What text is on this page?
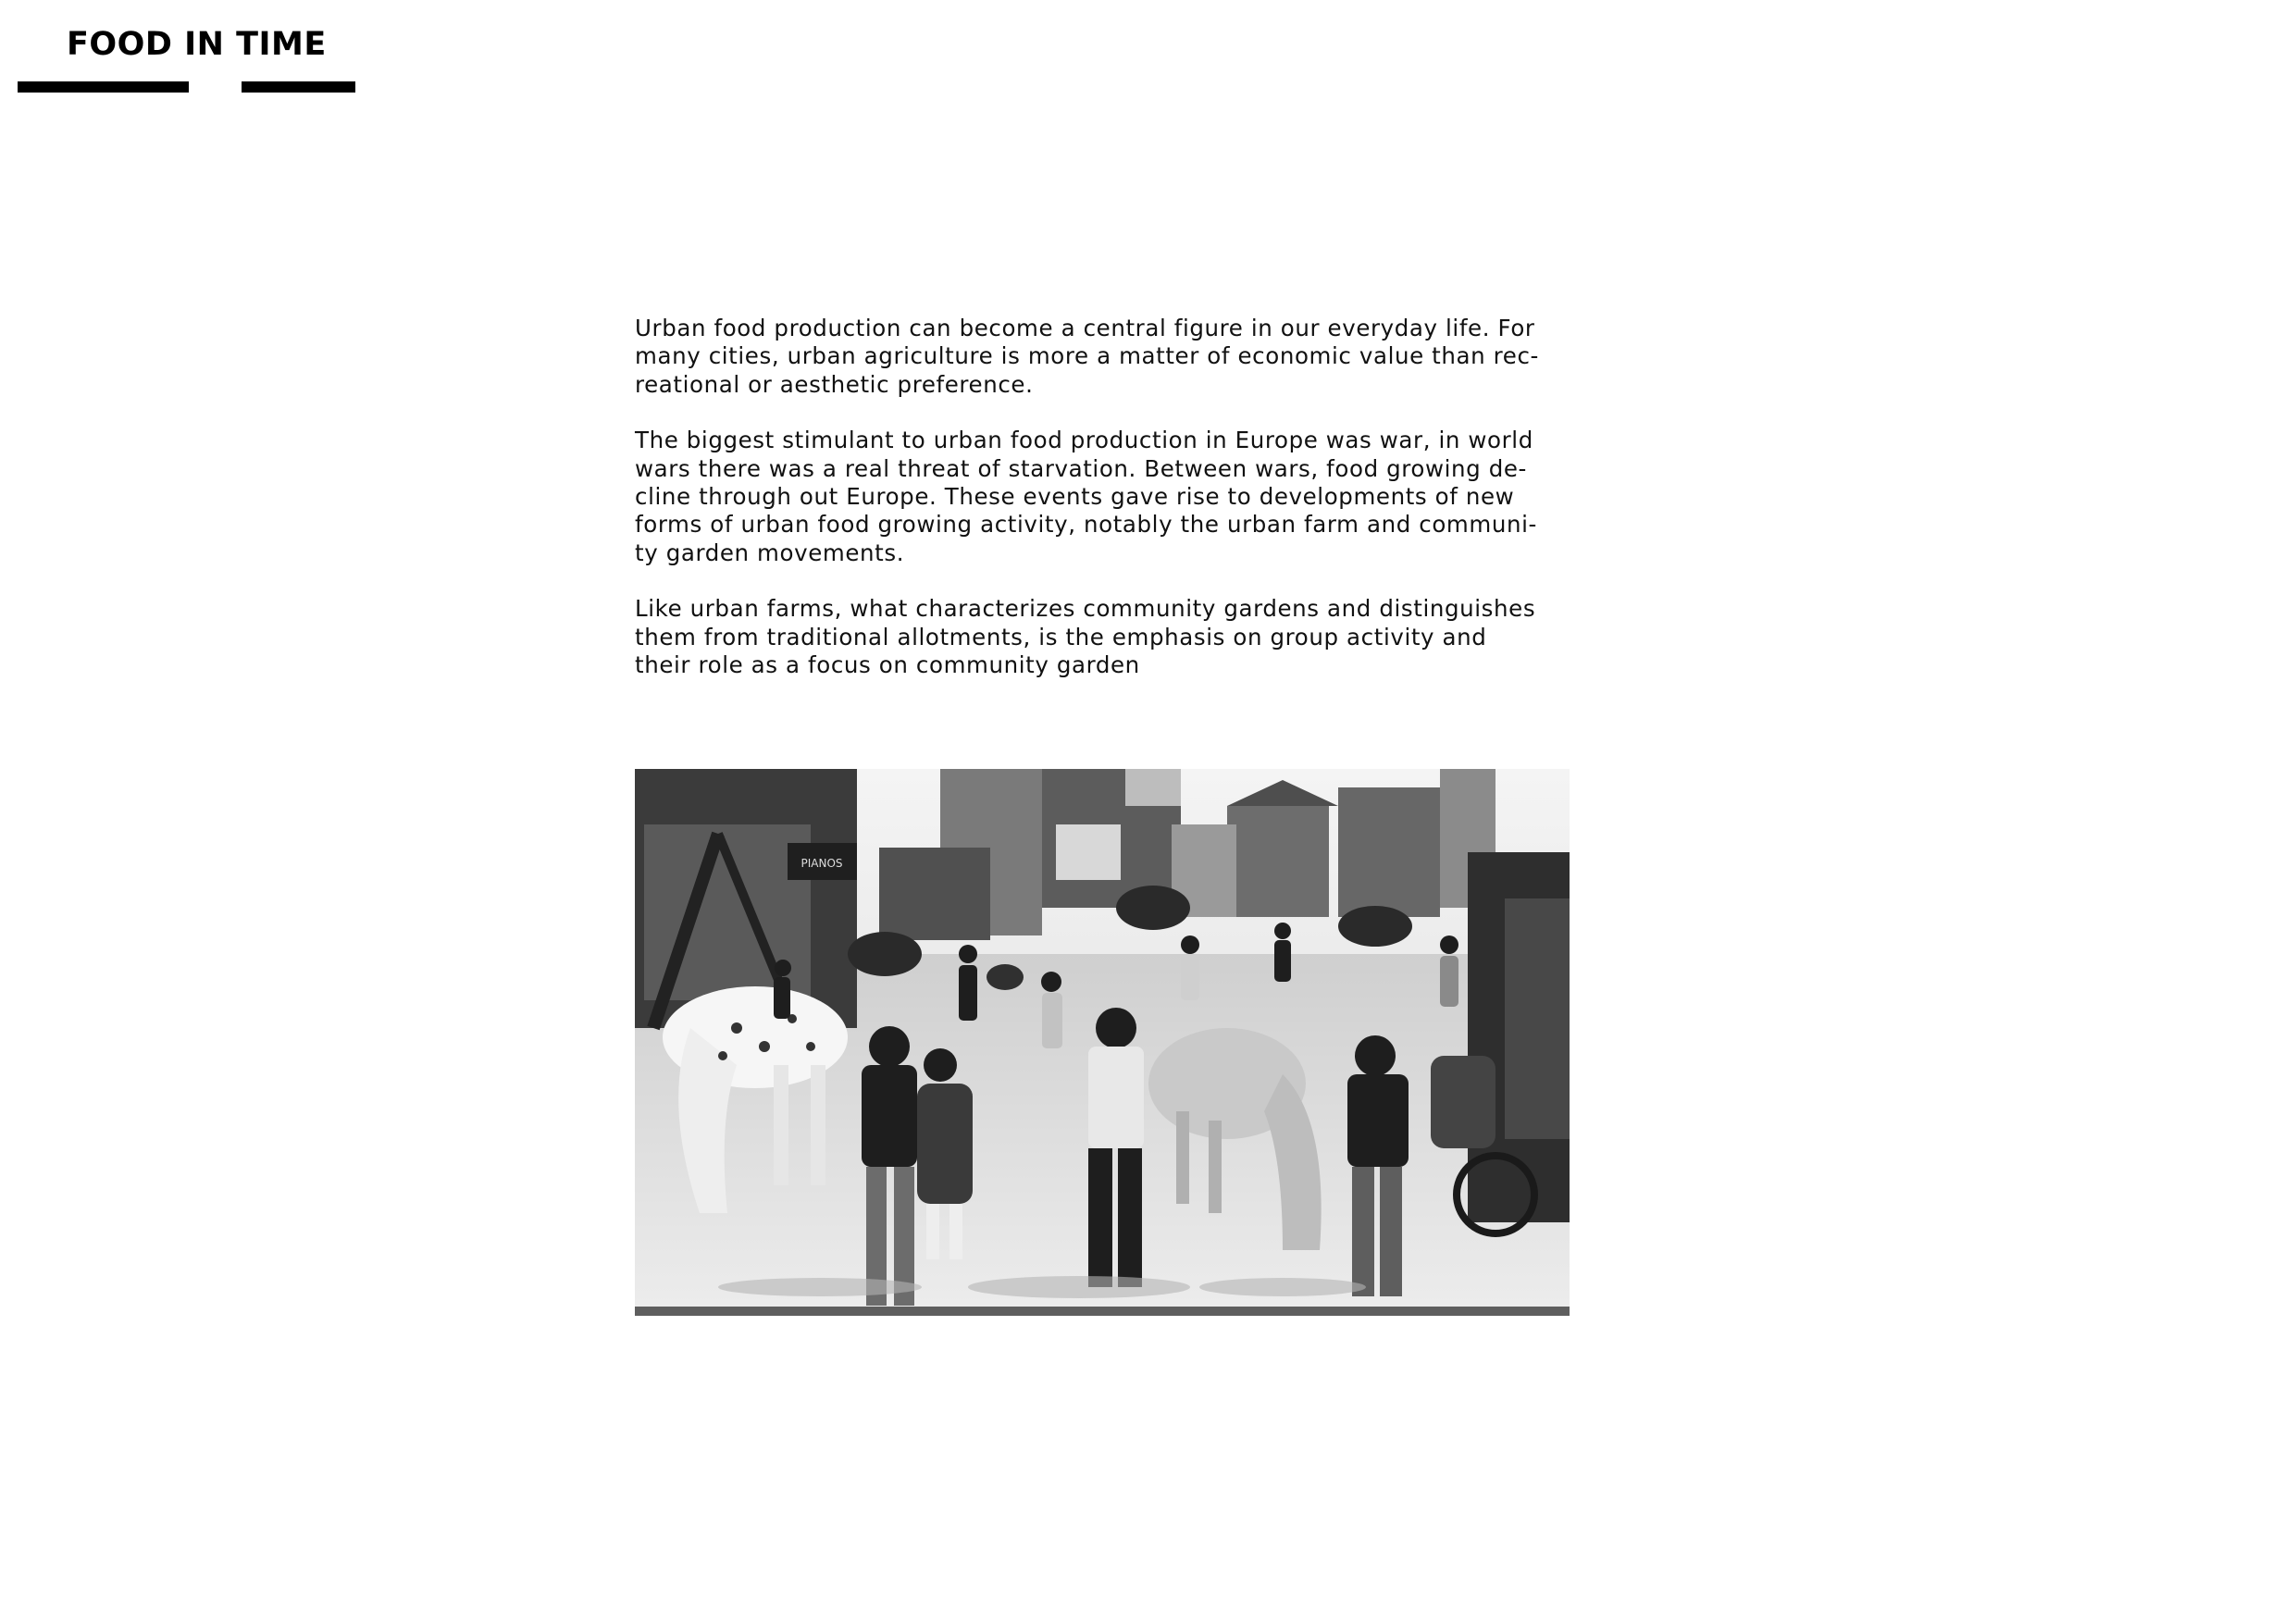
FOOD IN TIME

Urban food production can become a central figure in our everyday life. For
many cities, urban agriculture is more a matter of economic value than rec-
reational or aesthetic preference.

The biggest stimulant to urban food production in Europe was war, in world
wars there was a real threat of starvation. Between wars, food growing de-
cline through out Europe. These events gave rise to developments of new
forms of urban food growing activity, notably the urban farm and communi-
ty garden movements.

Like urban farms, what characterizes community gardens and distinguishes
them from traditional allotments, is the emphasis on group activity and
their role as a focus on community garden

PIANOS
